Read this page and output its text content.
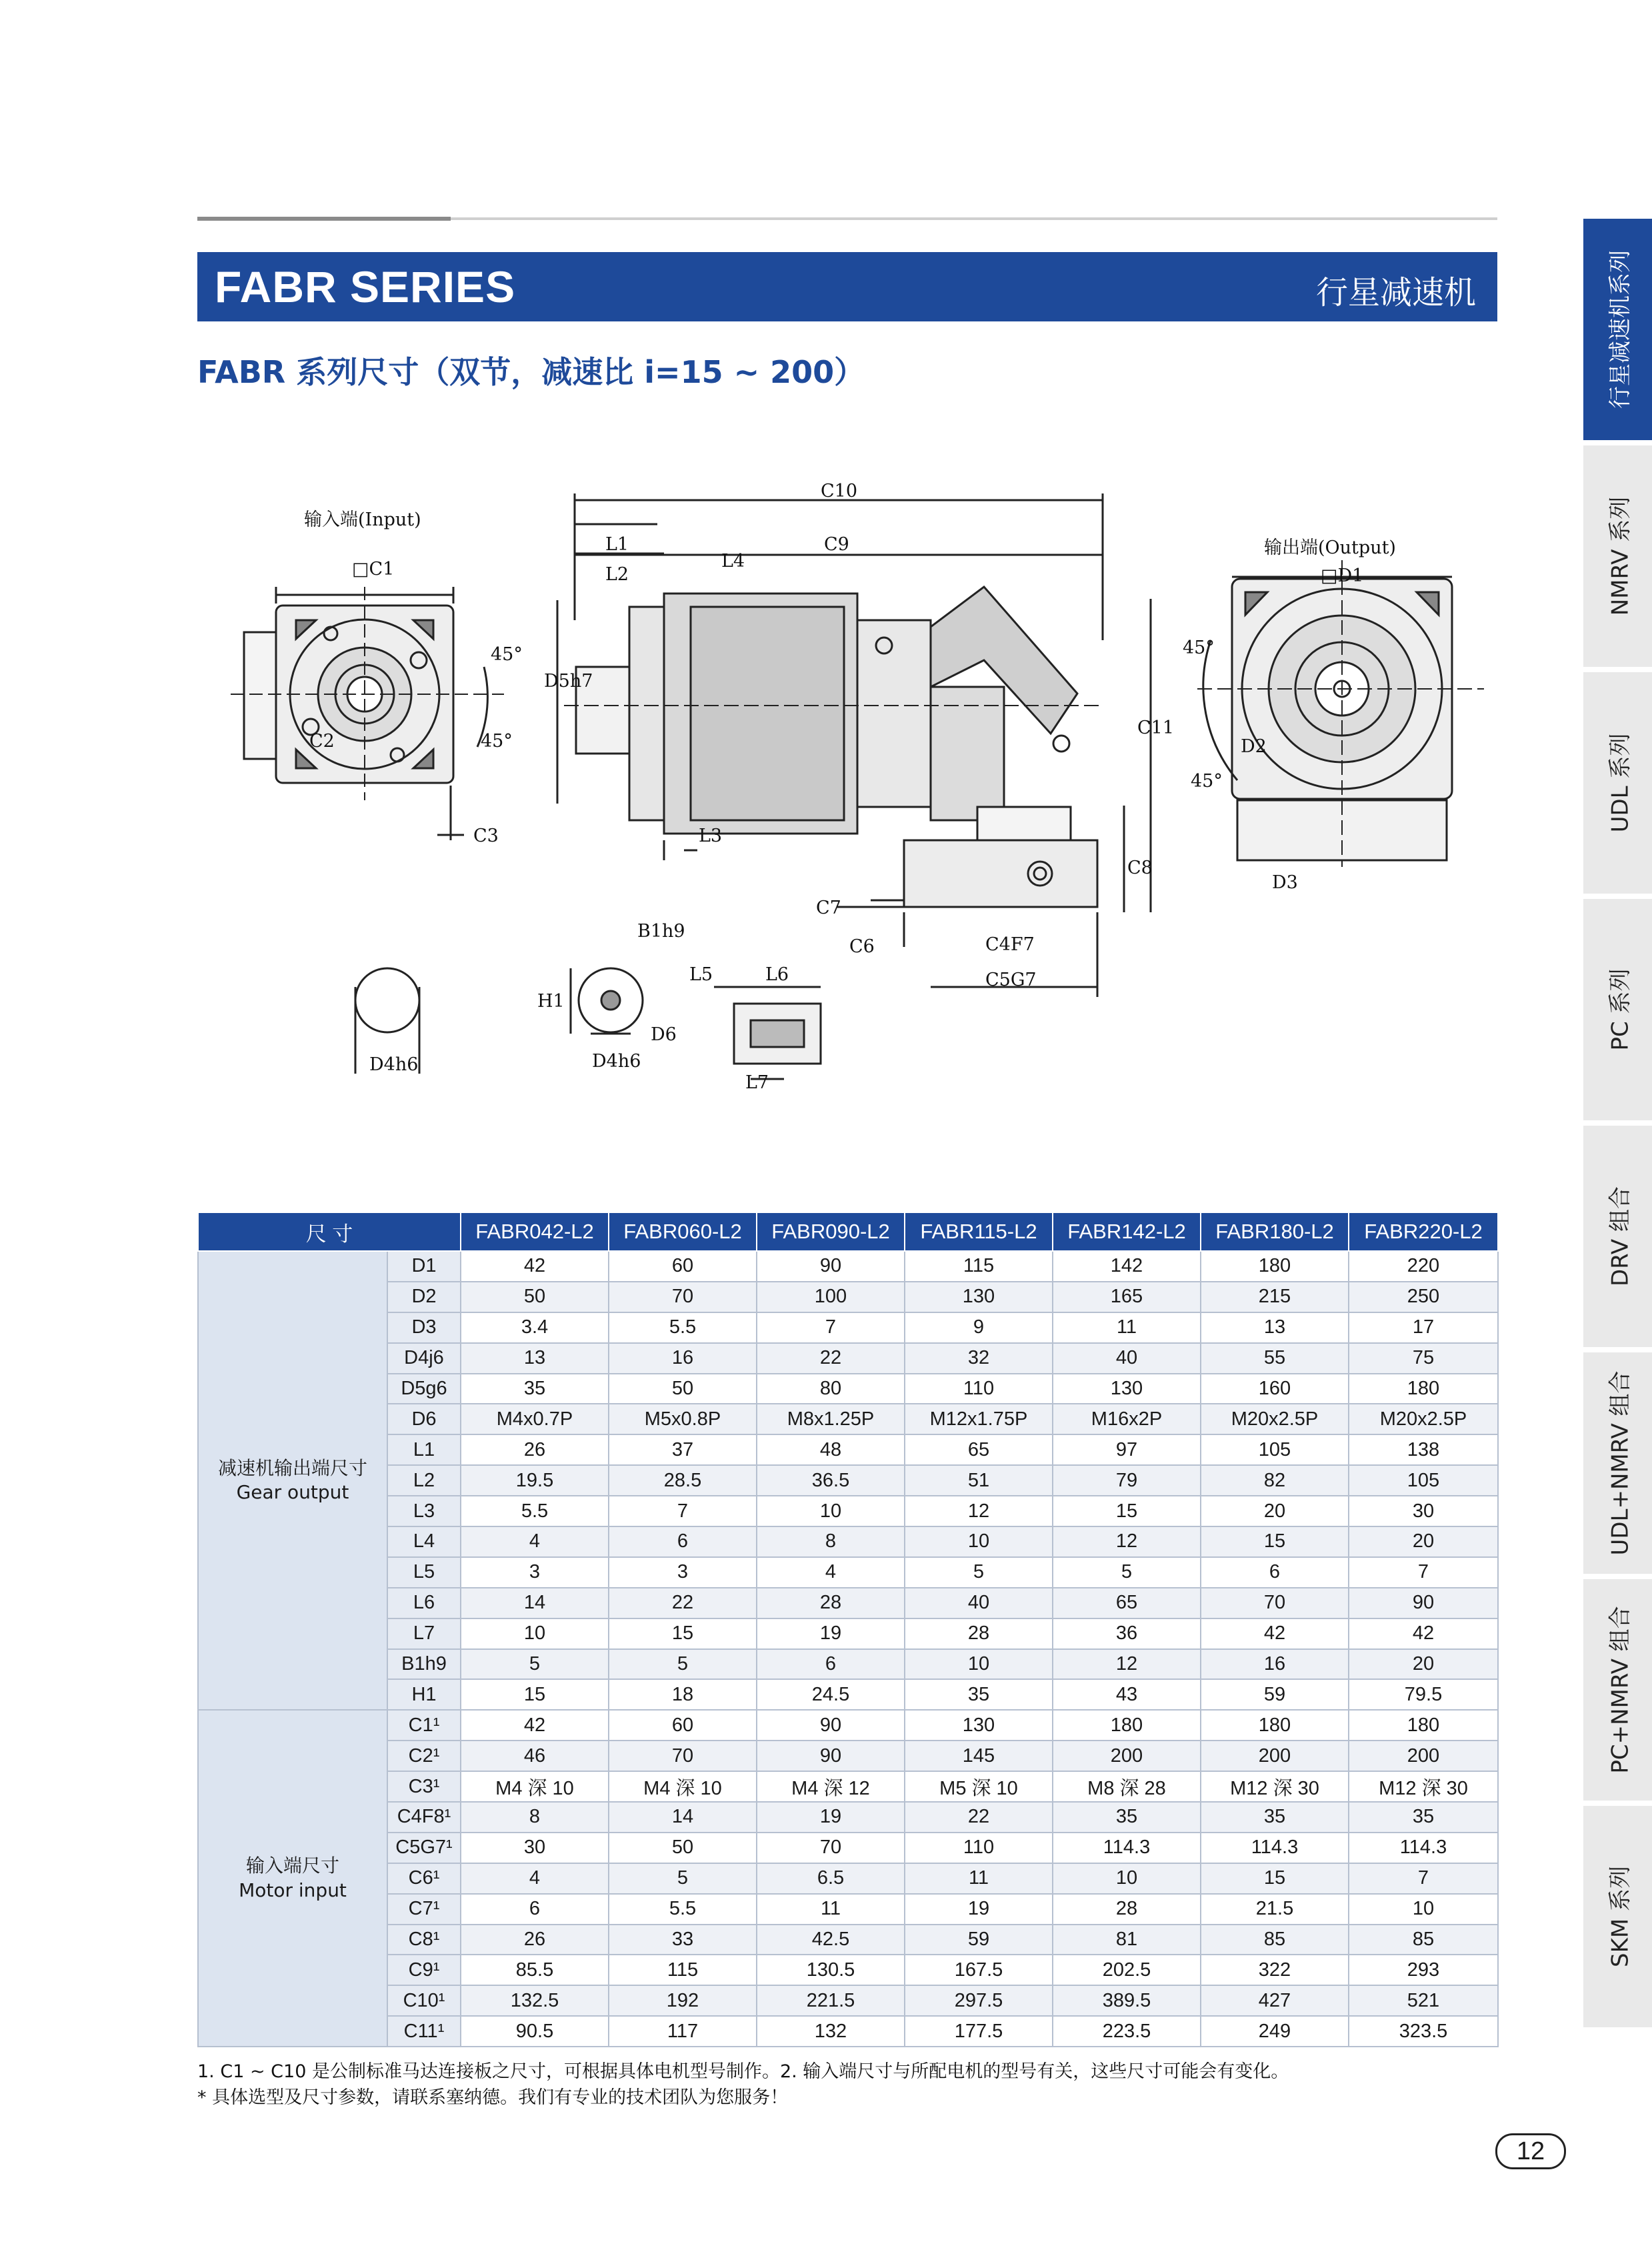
FABR SERIES	行星减速机
FABR 系列尺寸（双节，减速比 i=15 ~ 200）	行星减速机系列
NMRV 系列
UDL 系列
PC 系列
DRV 组合
UDL+NMRV 组合
PC+NMRV 组合
SKM 系列
输入端(Input)
输出端(Output)
□C1	□D1
C2
C3
C4F7
C5G7
C6
C7
C8
C9
C10
C11
L1
L2
L3
L4
L5	L6
L7
D2
D3
D4h6	D4h6
D5h7
D6
B1h9
H1
45°
45°
45°
45°
尺 寸		FABR042-L2	FABR060-L2	FABR090-L2	FABR115-L2	FABR142-L2	FABR180-L2	FABR220-L2

减速机输出端尺寸
Gear output	D1	42	60	90	115	142	180	220
	D2	50	70	100	130	165	215	250
	D3	3.4	5.5	7	9	11	13	17
	D4j6	13	16	22	32	40	55	75
	D5g6	35	50	80	110	130	160	180
	D6	M4x0.7P	M5x0.8P	M8x1.25P	M12x1.75P	M16x2P	M20x2.5P	M20x2.5P
	L1	26	37	48	65	97	105	138
	L2	19.5	28.5	36.5	51	79	82	105
	L3	5.5	7	10	12	15	20	30
	L4	4	6	8	10	12	15	20
	L5	3	3	4	5	5	6	7
	L6	14	22	28	40	65	70	90
	L7	10	15	19	28	36	42	42
	B1h9	5	5	6	10	12	16	20
	H1	15	18	24.5	35	43	59	79.5

输入端尺寸
Motor input	C1¹	42	60	90	130	180	180	180
	C2¹	46	70	90	145	200	200	200
	C3¹	M4 深 10	M4 深 10	M4 深 12	M5 深 10	M8 深 28	M12 深 30	M12 深 30
	C4F8¹	8	14	19	22	35	35	35
	C5G7¹	30	50	70	110	114.3	114.3	114.3
	C6¹	4	5	6.5	11	10	15	7
	C7¹	6	5.5	11	19	28	21.5	10
	C8¹	26	33	42.5	59	81	85	85
	C9¹	85.5	115	130.5	167.5	202.5	322	293
	C10¹	132.5	192	221.5	297.5	389.5	427	521
	C11¹	90.5	117	132	177.5	223.5	249	323.5
1. C1 ~ C10 是公制标准马达连接板之尺寸，可根据具体电机型号制作。2. 输入端尺寸与所配电机的型号有关，这些尺寸可能会有变化。
* 具体选型及尺寸参数，请联系塞纳德。我们有专业的技术团队为您服务！
12
